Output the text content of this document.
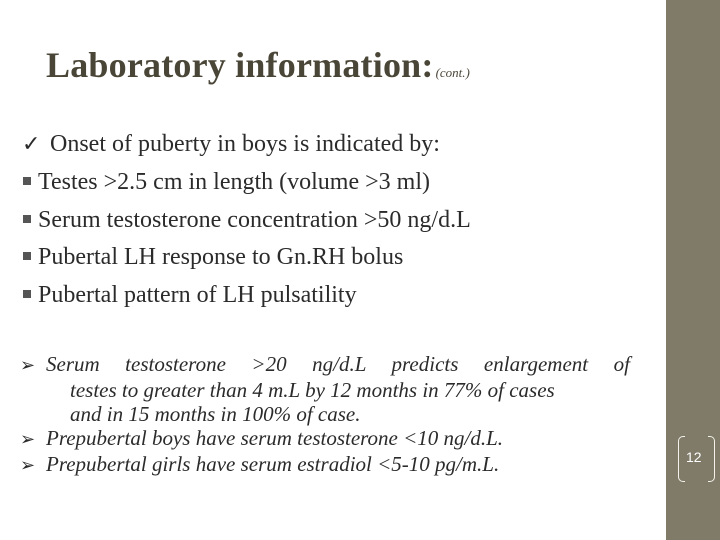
Laboratory information: (cont.)
✓ Onset of puberty in boys is indicated by:
Testes >2.5 cm in length (volume >3 ml)
Serum testosterone concentration >50 ng/d.L
Pubertal LH response to Gn.RH bolus
Pubertal pattern of LH pulsatility

➢ Serum testosterone >20 ng/d.L predicts enlargement of

testes to greater than 4 m.L by 12 months in 77% of cases

and in 15 months in 100% of case.

➢ Prepubertal boys have serum testosterone <10 ng/d.L.

➢ Prepubertal girls have serum estradiol <5-10 pg/m.L.	12
